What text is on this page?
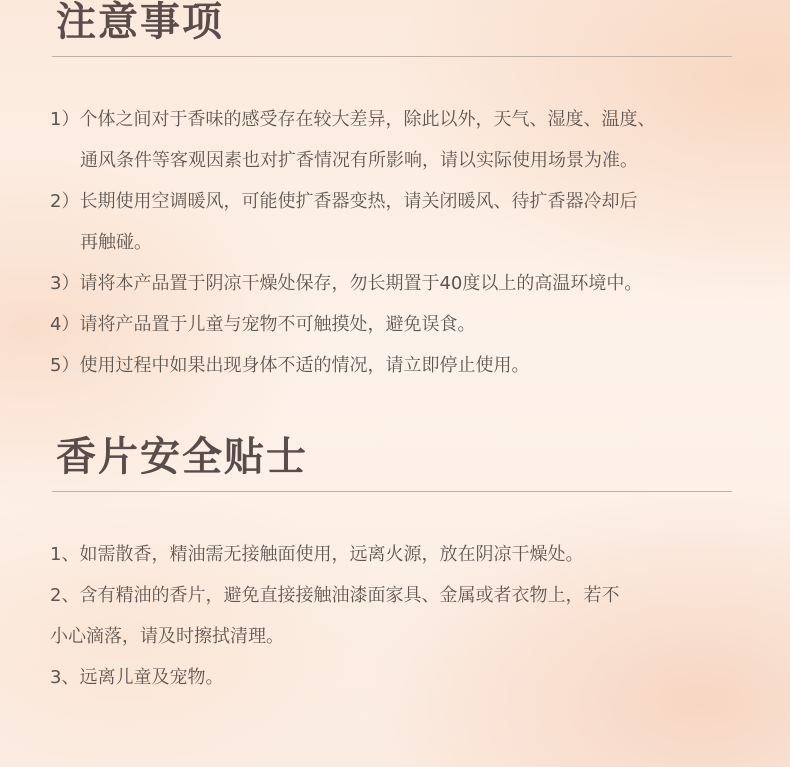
注意事项
1）个体之间对于香味的感受存在较大差异，除此以外，天气、湿度、温度、
通风条件等客观因素也对扩香情况有所影响，请以实际使用场景为准。
2）长期使用空调暖风，可能使扩香器变热，请关闭暖风、待扩香器冷却后
再触碰。
3）请将本产品置于阴凉干燥处保存，勿长期置于40度以上的高温环境中。
4）请将产品置于儿童与宠物不可触摸处，避免误食。
5）使用过程中如果出现身体不适的情况，请立即停止使用。
香片安全贴士
1、如需散香，精油需无接触面使用，远离火源，放在阴凉干燥处。
2、含有精油的香片，避免直接接触油漆面家具、金属或者衣物上，若不
小心滴落，请及时擦拭清理。
3、远离儿童及宠物。
